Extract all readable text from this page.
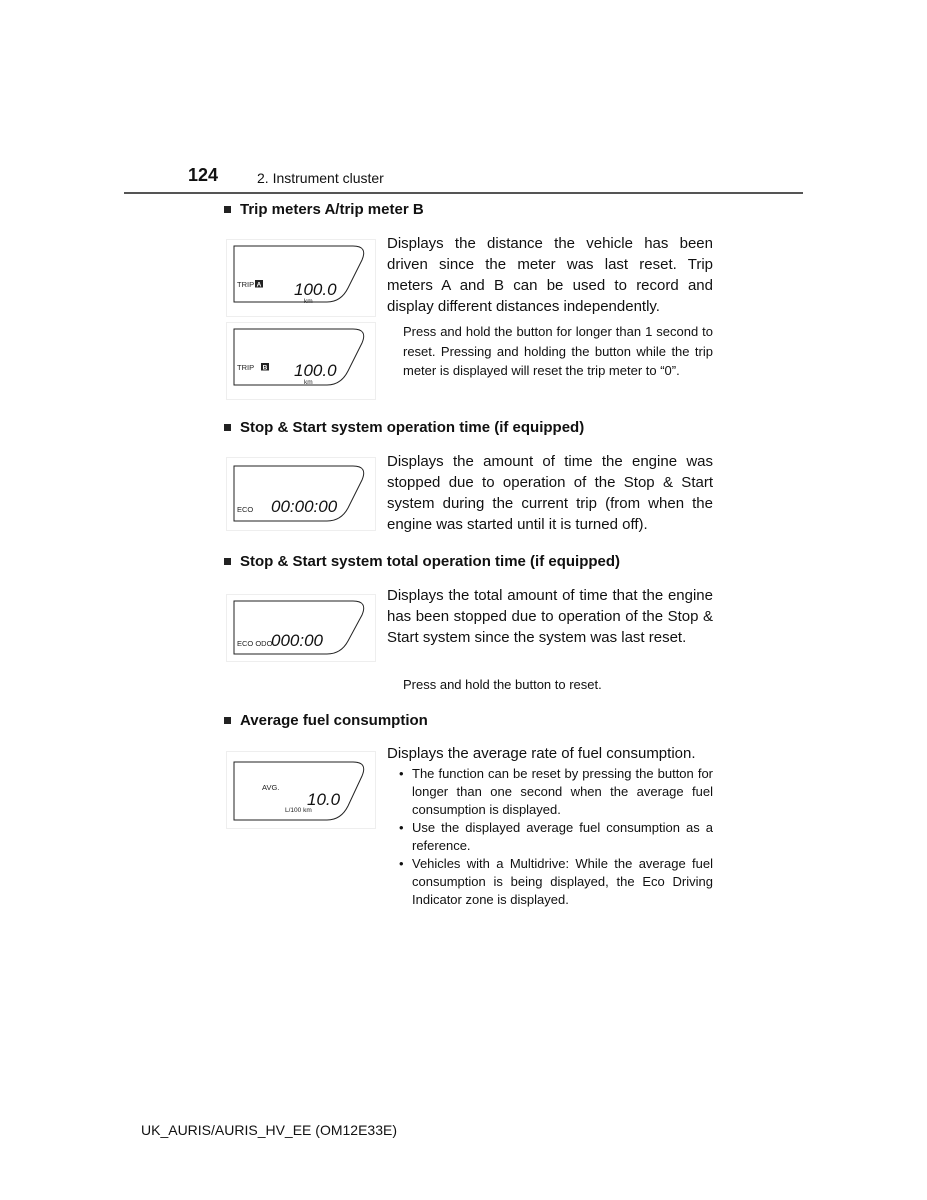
124	2. Instrument cluster
Trip meters A/trip meter B
TRIP A 100.0
km
TRIP B 100.0
km
Displays the distance the vehicle has been driven since the meter was last reset. Trip meters A and B can be used to record and display different distances independently.
Press and hold the button for longer than 1 second to reset. Pressing and holding the button while the trip meter is displayed will reset the trip meter to “0”.
Stop & Start system operation time (if equipped)
ECO 00:00:00
Displays the amount of time the engine was stopped due to operation of the Stop & Start system during the current trip (from when the engine was started until it is turned off).
Stop & Start system total operation time (if equipped)
ECO ODO
000:00
Displays the total amount of time that the engine has been stopped due to operation of the Stop & Start system since the system was last reset.
Press and hold the button to reset.
Average fuel consumption
AVG.
10.0
L/100 km
Displays the average rate of fuel consumption.
• The function can be reset by pressing the button for longer than one second when the average fuel consumption is displayed.
• Use the displayed average fuel consumption as a reference.
• Vehicles with a Multidrive: While the average fuel consumption is being displayed, the Eco Driving Indicator zone is displayed.
UK_AURIS/AURIS_HV_EE (OM12E33E)
